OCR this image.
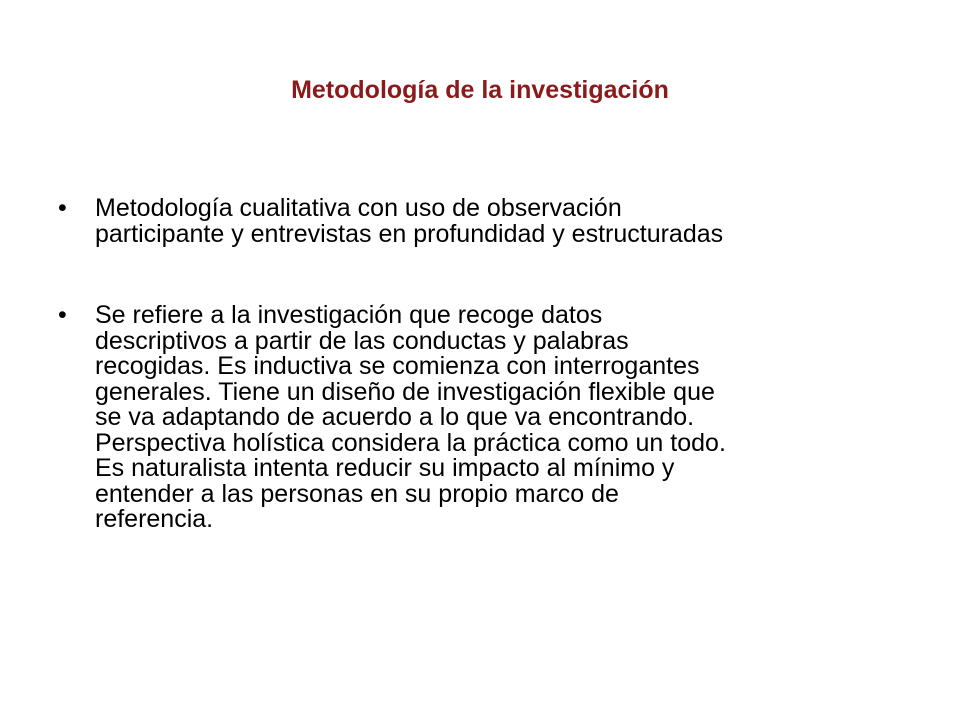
Metodología de la investigación
•	Metodología cualitativa con uso de observación
participante y entrevistas en profundidad y estructuradas
•	Se refiere a la investigación que recoge datos
descriptivos a partir de las conductas y palabras
recogidas. Es inductiva se comienza con interrogantes
generales. Tiene un diseño de investigación flexible que
se va adaptando de acuerdo a lo que va encontrando.
Perspectiva holística considera la práctica como un todo.
Es naturalista intenta reducir su impacto al mínimo y
entender a las personas en su propio marco de
referencia.
